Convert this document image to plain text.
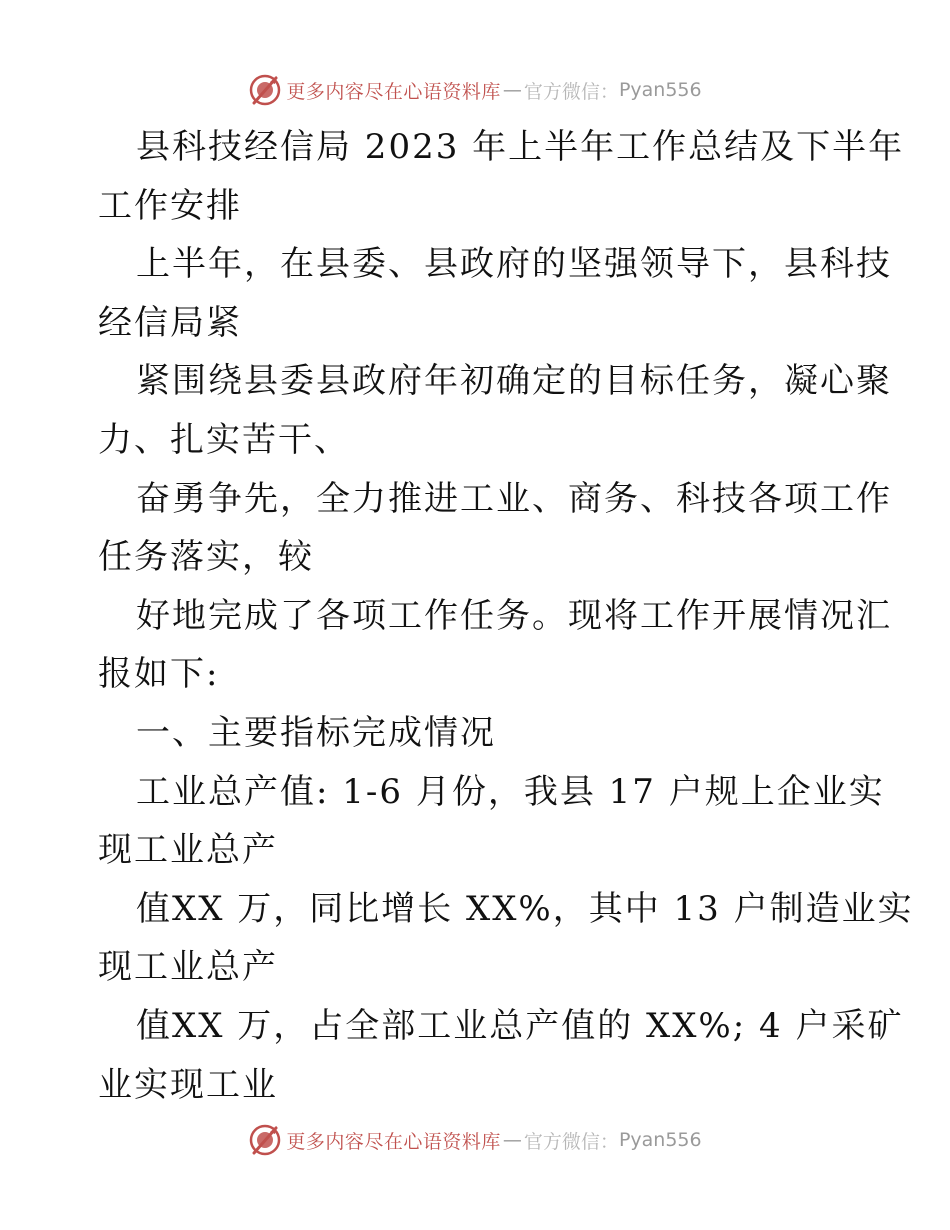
更多内容尽在心语资料库 — 官方微信： Pyan556
县科技经信局 2023 年上半年工作总结及下半年
工作安排
上半年，在县委、县政府的坚强领导下，县科技
经信局紧
紧围绕县委县政府年初确定的目标任务，凝心聚
力、扎实苦干、
奋勇争先，全力推进工业、商务、科技各项工作
任务落实，较
好地完成了各项工作任务。现将工作开展情况汇
报如下:
一、主要指标完成情况
工业总产值: 1-6 月份，我县 17 户规上企业实
现工业总产
值XX 万，同比增长 XX%，其中 13 户制造业实
现工业总产
值XX 万，占全部工业总产值的 XX%; 4 户采矿
业实现工业
更多内容尽在心语资料库 — 官方微信： Pyan556
